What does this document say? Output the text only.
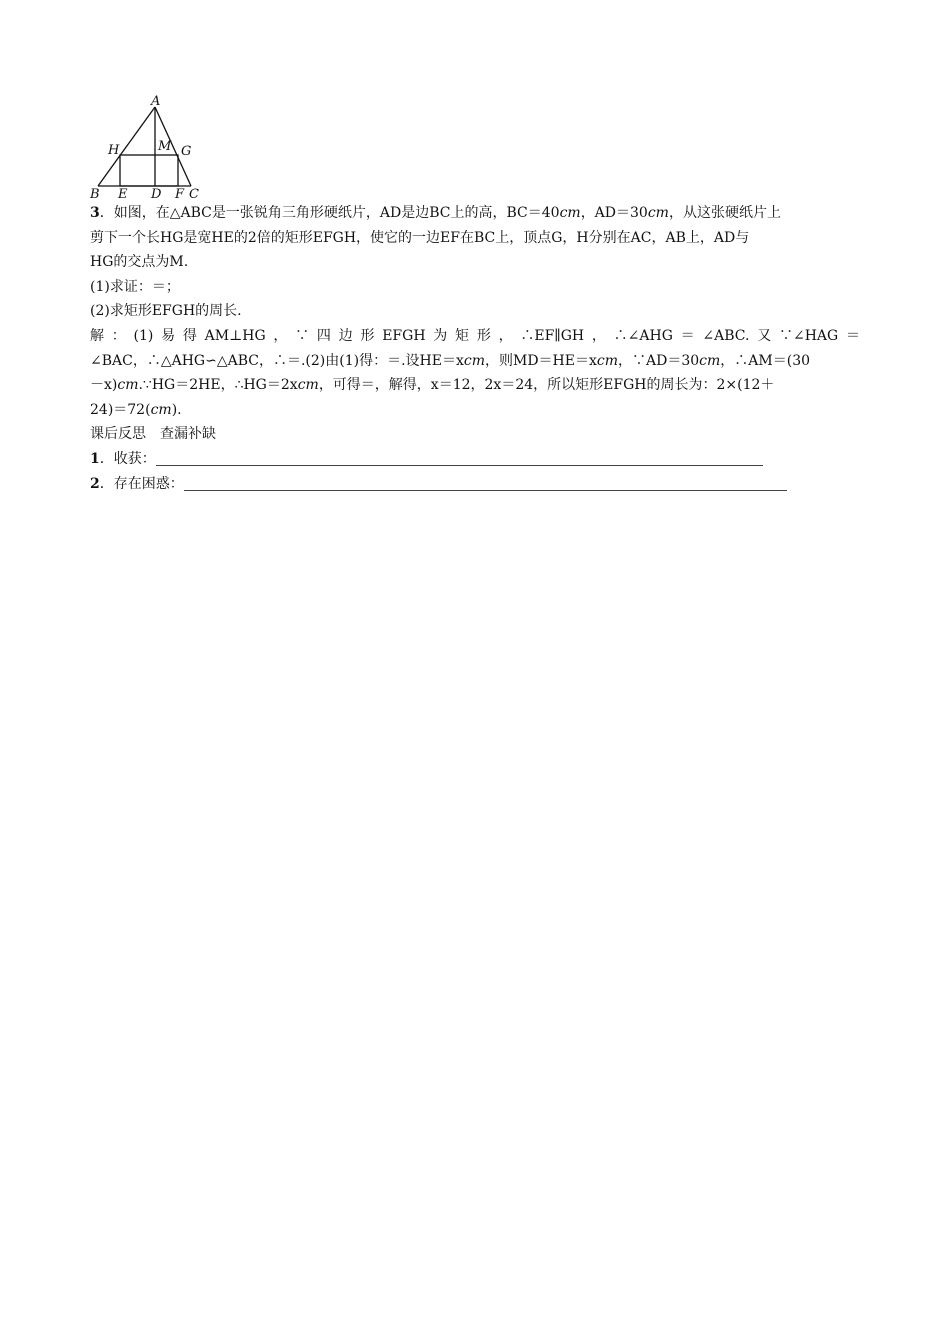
A
H	M G
B E D F C
3．如图，在△ABC是一张锐角三角形硬纸片，AD是边BC上的高，BC＝40cm，AD＝30cm，从这张硬纸片上
剪下一个长HG是宽HE的2倍的矩形EFGH，使它的一边EF在BC上，顶点G，H分别在AC，AB上，AD与
HG的交点为M.
(1)求证：＝；
(2)求矩形EFGH的周长.
解：(1)易得AM⊥HG，∵四边形EFGH为矩形，∴EF∥GH，∴∠AHG＝∠ABC.又∵∠HAG＝
∠BAC，∴△AHG∽△ABC，∴＝.(2)由(1)得：＝.设HE＝xcm，则MD＝HE＝xcm，∵AD＝30cm，∴AM＝(30
－x)cm.∵HG＝2HE，∴HG＝2xcm，可得＝，解得，x＝12，2x＝24，所以矩形EFGH的周长为：2×(12＋
24)＝72(cm).
课后反思　查漏补缺
1．收获：
2．存在困惑：
